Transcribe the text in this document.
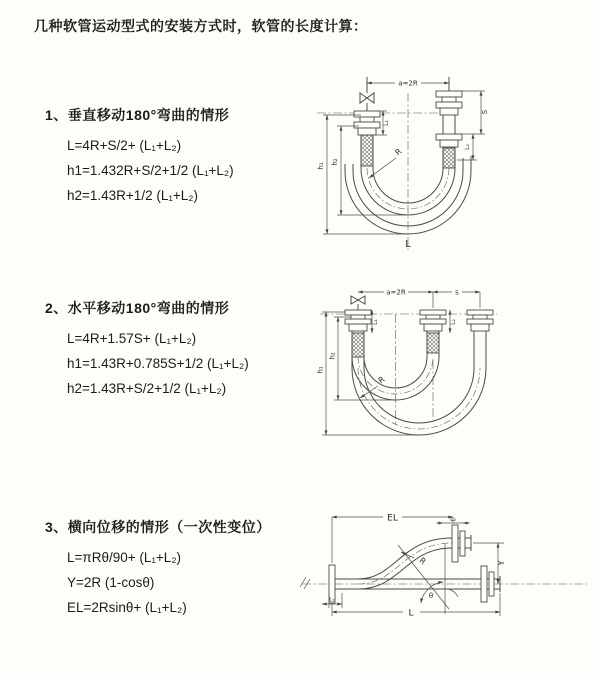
几种软管运动型式的安装方式时，软管的长度计算：
1、垂直移动180°弯曲的情形
L=4R+S/2+ (L₁+L₂)
h1=1.432R+S/2+1/2 (L₁+L₂)
h2=1.43R+1/2 (L₁+L₂)
a=2R
h₁
h₂
L₁
S
L₂
R
L
2、水平移动180°弯曲的情形
L=4R+1.57S+ (L₁+L₂)
h1=1.43R+0.785S+1/2 (L₁+L₂)
h2=1.43R+S/2+1/2 (L₁+L₂)
a=2R	s
h₁
h₂
L₁	L₂
R
3、横向位移的情形（一次性变位）
L=πRθ/90+ (L₁+L₂)
Y=2R (1-cosθ)
EL=2Rsinθ+ (L₁+L₂)
EL	L₂
Y
L
L₁	θ
R
